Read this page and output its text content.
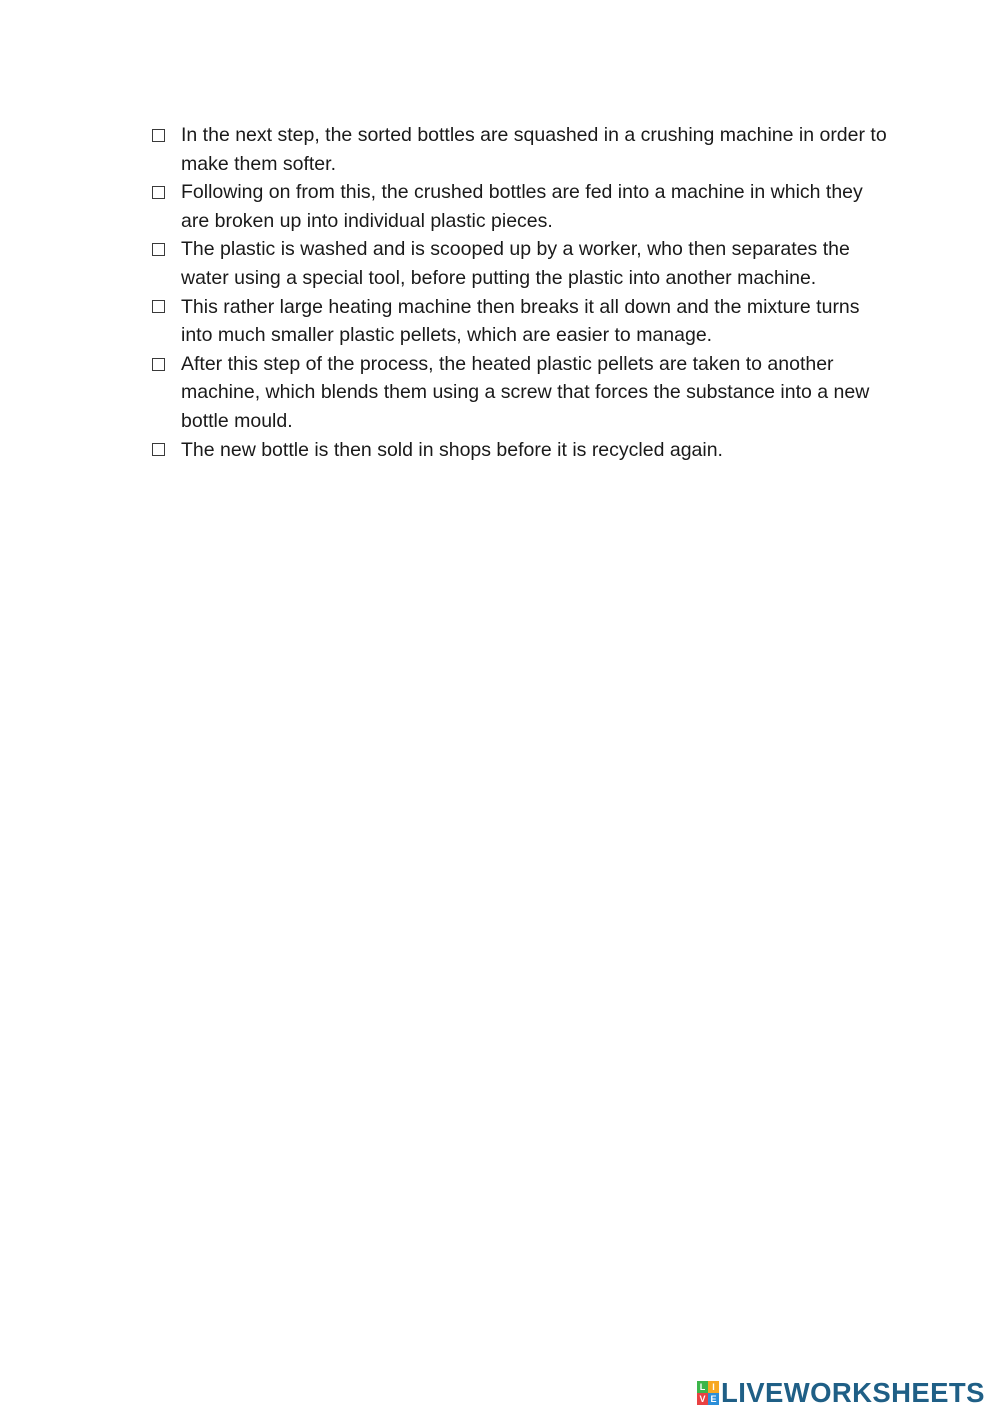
In the next step, the sorted bottles are squashed in a crushing machine in order to make them softer.
Following on from this, the crushed bottles are fed into a machine in which they are broken up into individual plastic pieces.
The plastic is washed and is scooped up by a worker, who then separates the water using a special tool, before putting the plastic into another machine.
This rather large heating machine then breaks it all down and the mixture turns into much smaller plastic pellets, which are easier to manage.
After this step of the process, the heated plastic pellets are taken to another machine, which blends them using a screw that forces the substance into a new bottle mould.
The new bottle is then sold in shops before it is recycled again.
L I
V E LIVEWORKSHEETS
